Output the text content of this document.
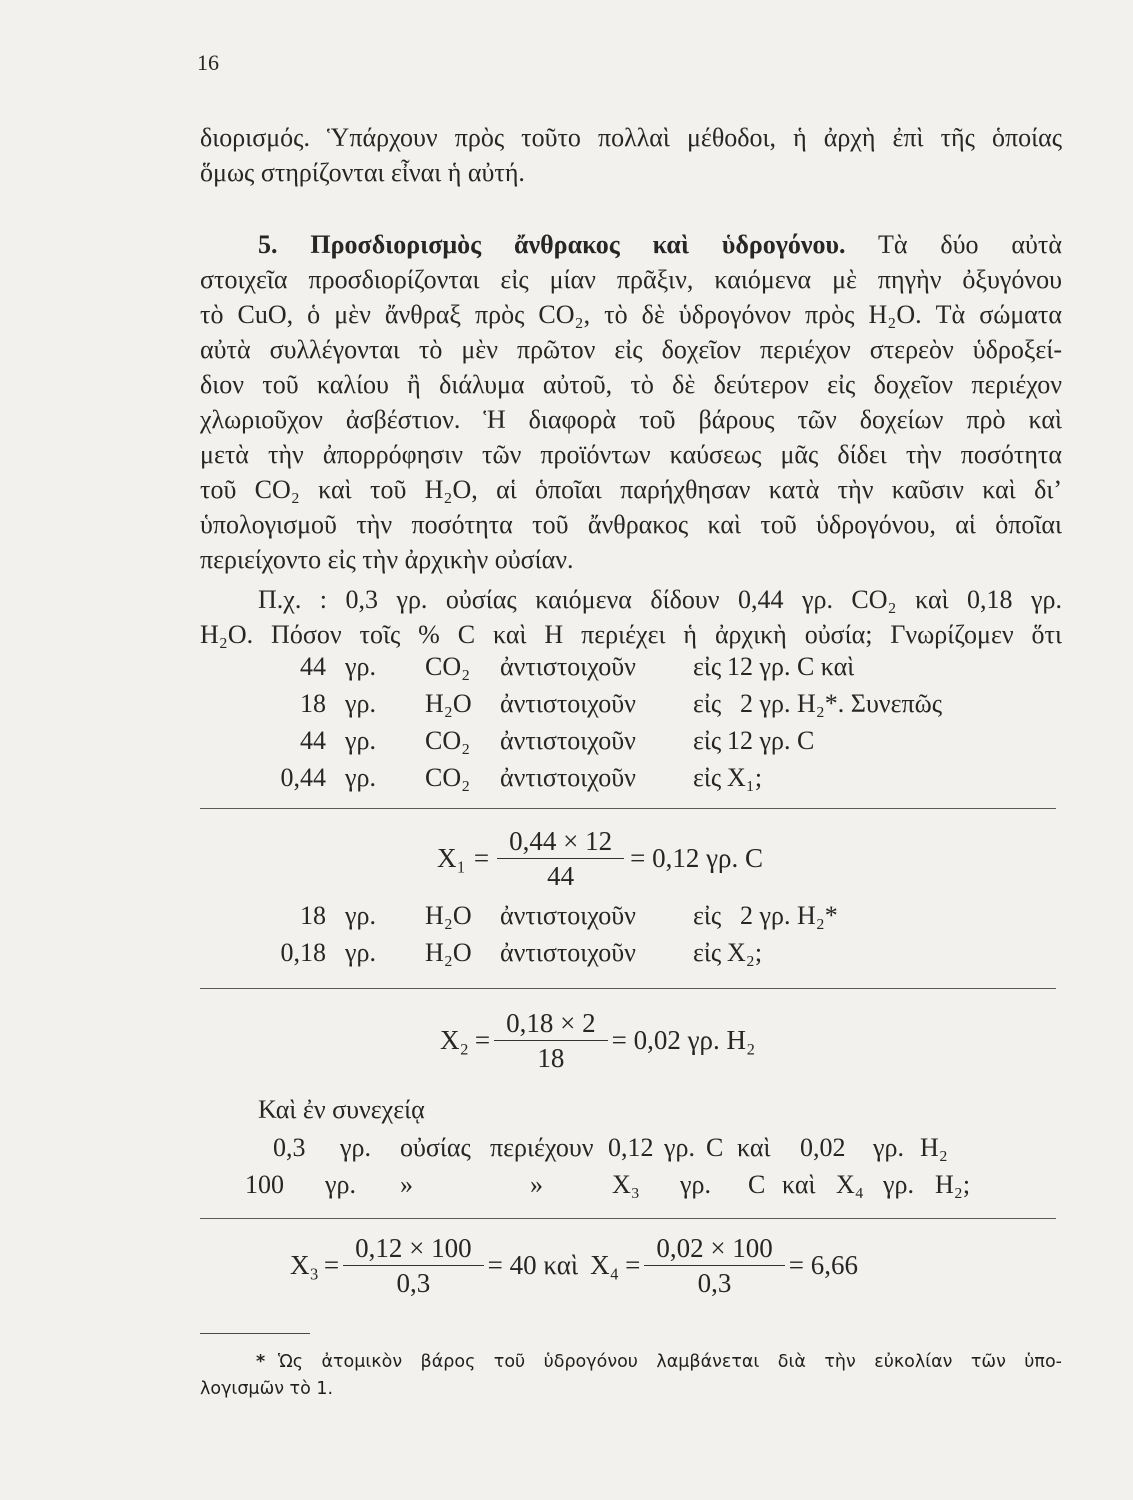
16
διορισμός. Ὑπάρχουν πρὸς τοῦτο πολλαὶ μέθοδοι, ἡ ἀρχὴ ἐπὶ τῆς ὁποίας
ὅμως στηρίζονται εἶναι ἡ αὐτή.
5. Προσδιορισμὸς ἄνθρακος καὶ ὑδρογόνου. Τὰ δύο αὐτὰ
στοιχεῖα προσδιορίζονται εἰς μίαν πρᾶξιν, καιόμενα μὲ πηγὴν ὀξυγόνου
τὸ CuO, ὁ μὲν ἄνθραξ πρὸς CO₂, τὸ δὲ ὑδρογόνον πρὸς H₂O. Τὰ σώματα
αὐτὰ συλλέγονται τὸ μὲν πρῶτον εἰς δοχεῖον περιέχον στερεὸν ὑδροξεί-
διον τοῦ καλίου ἢ διάλυμα αὐτοῦ, τὸ δὲ δεύτερον εἰς δοχεῖον περιέχον
χλωριοῦχον ἀσβέστιον. Ἡ διαφορὰ τοῦ βάρους τῶν δοχείων πρὸ καὶ
μετὰ τὴν ἀπορρόφησιν τῶν προϊόντων καύσεως μᾶς δίδει τὴν ποσότητα
τοῦ CO₂ καὶ τοῦ H₂O, αἱ ὁποῖαι παρήχθησαν κατὰ τὴν καῦσιν καὶ δι’
ὑπολογισμοῦ τὴν ποσότητα τοῦ ἄνθρακος καὶ τοῦ ὑδρογόνου, αἱ ὁποῖαι
περιείχοντο εἰς τὴν ἀρχικὴν οὐσίαν.
Π.χ. : 0,3 γρ. οὐσίας καιόμενα δίδουν 0,44 γρ. CO₂ καὶ 0,18 γρ.
H₂O. Πόσον τοῖς % C καὶ H περιέχει ἡ ἀρχικὴ οὐσία; Γνωρίζομεν ὅτι
44 γρ. CO₂ ἀντιστοιχοῦν εἰς 12 γρ. C καὶ
18 γρ. H₂O ἀντιστοιχοῦν εἰς 2 γρ. H₂*. Συνεπῶς
44 γρ. CO₂ ἀντιστοιχοῦν εἰς 12 γρ. C
0,44 γρ. CO₂ ἀντιστοιχοῦν εἰς X₁;
$X_1 = \frac{0,44 \times 12}{44} = 0,12$ γρ. C
18 γρ. H₂O ἀντιστοιχοῦν εἰς 2 γρ. H₂*
0,18 γρ. H₂O ἀντιστοιχοῦν εἰς X₂;
$X_2 = \frac{0,18 \times 2}{18} = 0,02$ γρ. H₂
Καὶ ἐν συνεχείᾳ
0,3 γρ. οὐσίας περιέχουν 0,12 γρ. C καὶ 0,02 γρ. H₂
100 γρ. »	»	X₃ γρ. C καὶ X₄ γρ. H₂;
$X_3 = \frac{0,12 \times 100}{0,3} = 40$ καὶ $X_4 = \frac{0,02 \times 100}{0,3} = 6,66$
* Ὡς ἀτομικὸν βάρος τοῦ ὑδρογόνου λαμβάνεται διὰ τὴν εὐκολίαν τῶν ὑπο-
λογισμῶν τὸ 1.
